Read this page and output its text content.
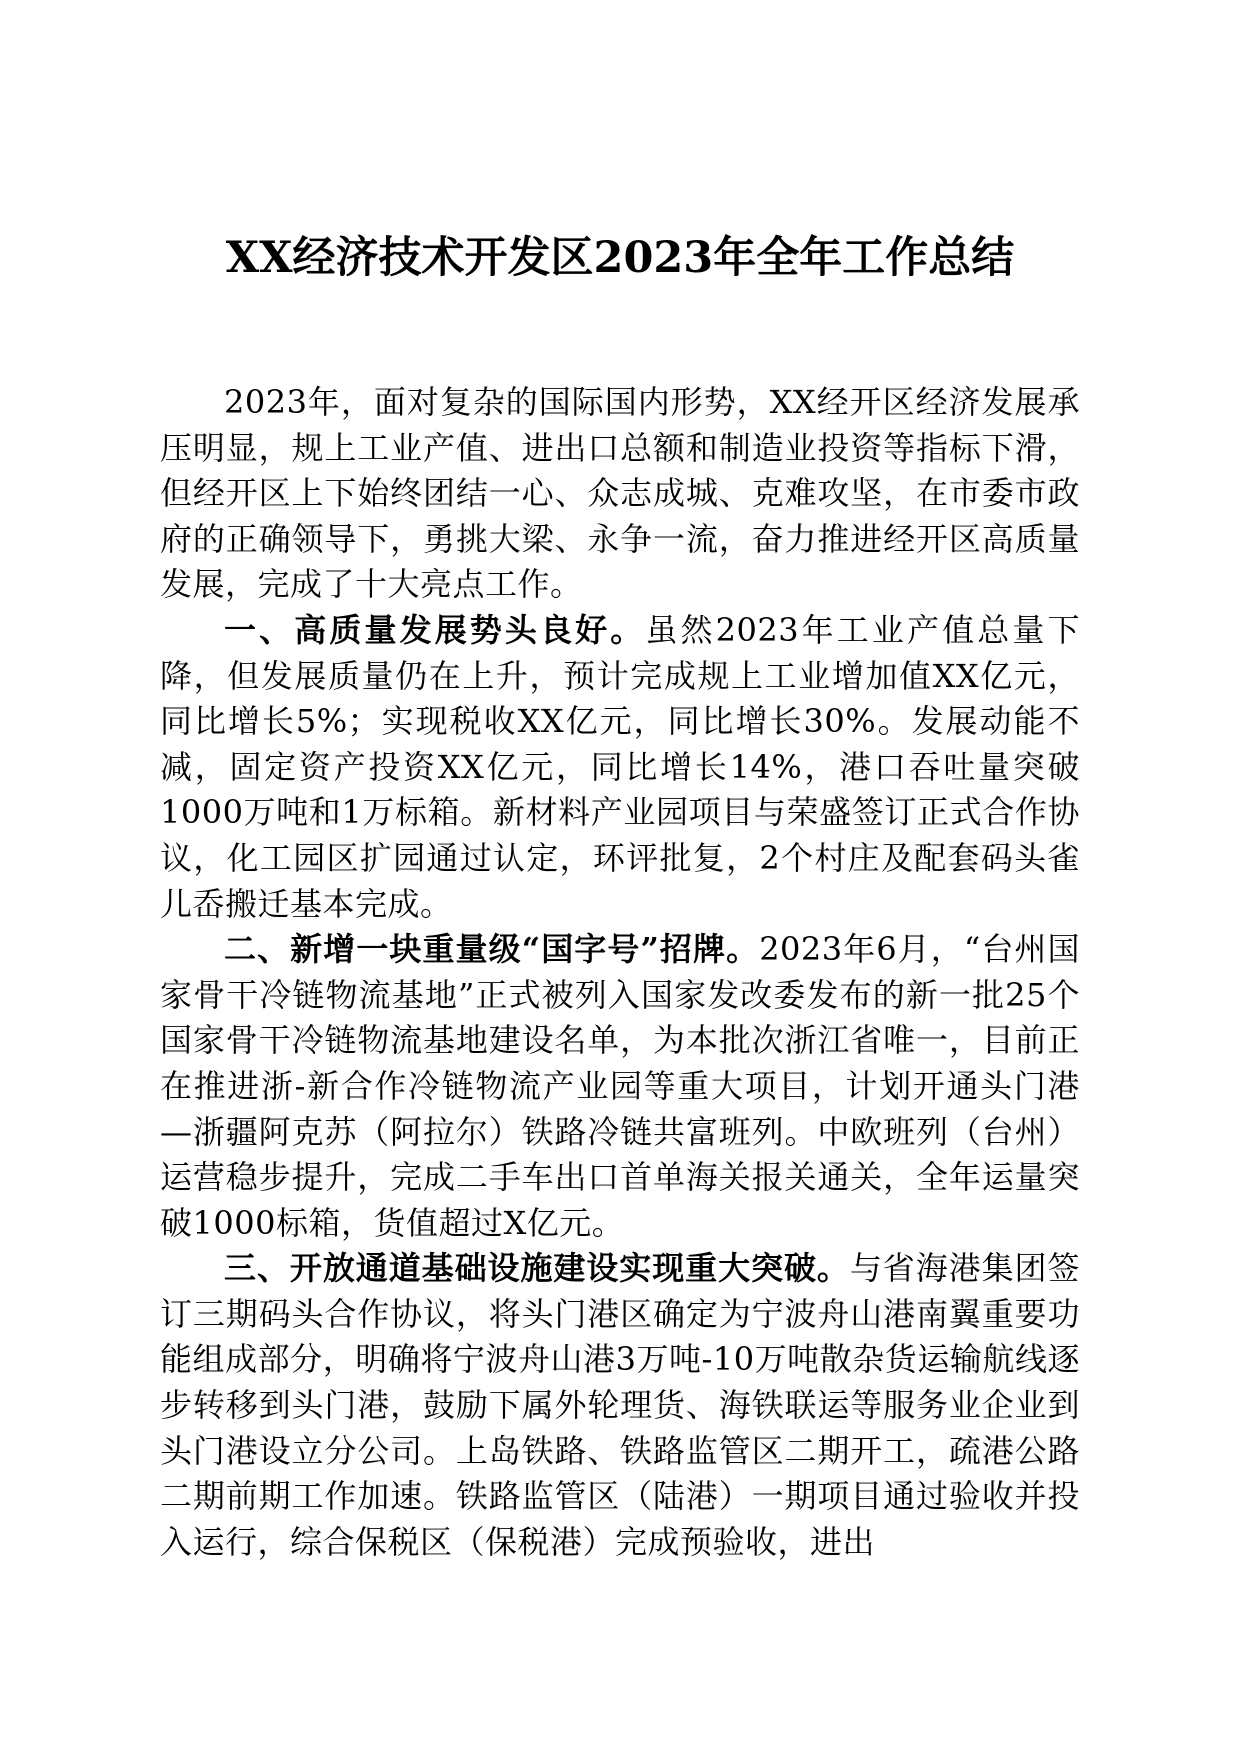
XX经济技术开发区2023年全年工作总结

2023年，面对复杂的国际国内形势，XX经开区经济发展承压明显，规上工业产值、进出口总额和制造业投资等指标下滑，但经开区上下始终团结一心、众志成城、克难攻坚，在市委市政府的正确领导下，勇挑大梁、永争一流，奋力推进经开区高质量发展，完成了十大亮点工作。

一、高质量发展势头良好。虽然2023年工业产值总量下降，但发展质量仍在上升，预计完成规上工业增加值XX亿元，同比增长5%；实现税收XX亿元，同比增长30%。发展动能不减，固定资产投资XX亿元，同比增长14%，港口吞吐量突破1000万吨和1万标箱。新材料产业园项目与荣盛签订正式合作协议，化工园区扩园通过认定，环评批复，2个村庄及配套码头雀儿岙搬迁基本完成。

二、新增一块重量级“国字号”招牌。2023年6月，“台州国家骨干冷链物流基地”正式被列入国家发改委发布的新一批25个国家骨干冷链物流基地建设名单，为本批次浙江省唯一，目前正在推进浙-新合作冷链物流产业园等重大项目，计划开通头门港—浙疆阿克苏（阿拉尔）铁路冷链共富班列。中欧班列（台州）运营稳步提升，完成二手车出口首单海关报关通关，全年运量突破1000标箱，货值超过X亿元。

三、开放通道基础设施建设实现重大突破。与省海港集团签订三期码头合作协议，将头门港区确定为宁波舟山港南翼重要功能组成部分，明确将宁波舟山港3万吨-10万吨散杂货运输航线逐步转移到头门港，鼓励下属外轮理货、海铁联运等服务业企业到头门港设立分公司。上岛铁路、铁路监管区二期开工，疏港公路二期前期工作加速。铁路监管区（陆港）一期项目通过验收并投入运行，综合保税区（保税港）完成预验收，进出
